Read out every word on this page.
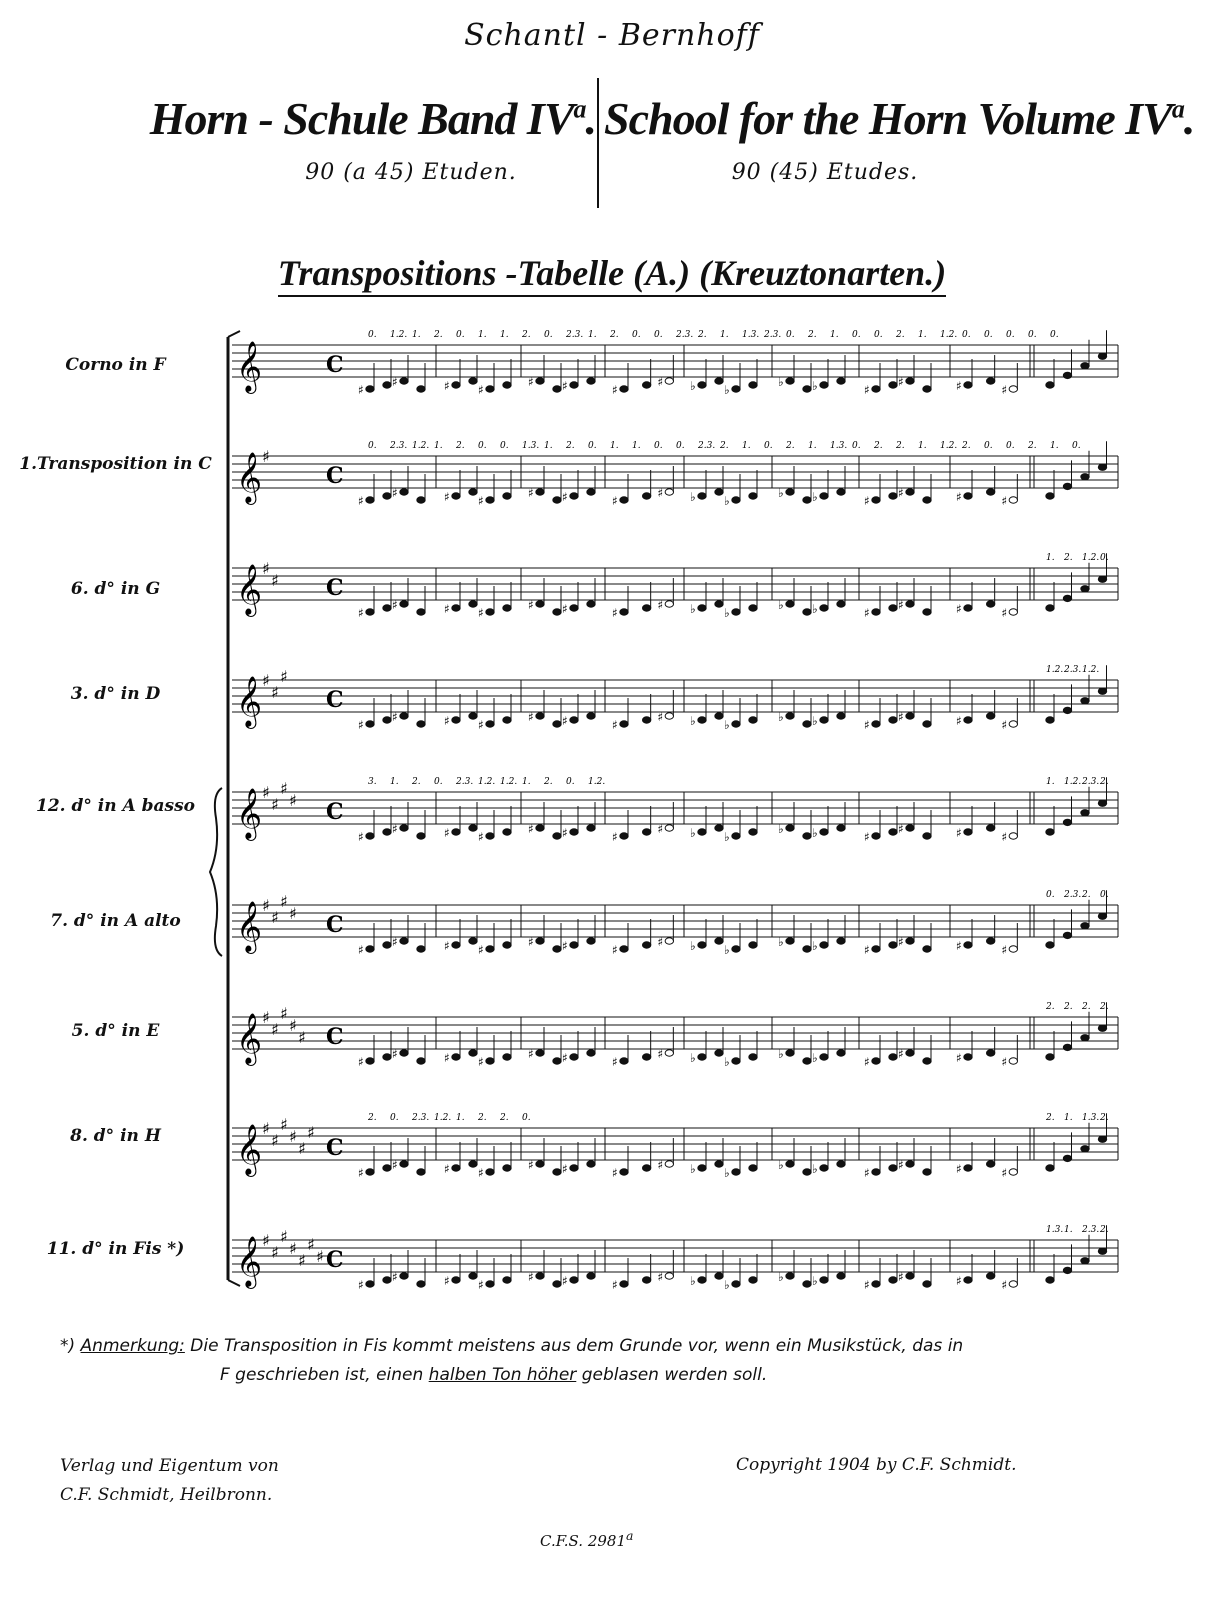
Schantl - Bernhoff
Horn - Schule Band $IV^a$. School for the Horn Volume $IV^a$.
90 (a 45) Etuden.	90 (45) Etudes.
Transpositions -Tabelle (A.) (Kreuztonarten.)
Corno in F
1.Transposition in C
6. d° in G
3. d° in D
12. d° in A basso
7. d° in A alto
5. d° in E
8. d° in H
11. d° in Fis *)
𝄞	C
♯
♯	♯ ♯
♯ ♯	♯
♯ ♭ ♭
♭ ♭	♯
♯	♯	♯
0. 1.2. 1. 2. 0. 1. 1. 2. 0. 2.3. 1. 2. 0. 0. 2.3. 2. 1. 1.3. 2.3. 0. 2. 1. 0. 0. 2. 1. 1.2. 0. 0. 0. 0. 0.
𝄞 ♯
C
♯
♯	♯ ♯
♯ ♯	♯
♯ ♭ ♭
♭ ♭	♯
♯	♯	♯
0. 2.3. 1.2. 1. 2. 0. 0. 1.3. 1. 2. 0. 1. 1. 0. 0. 2.3. 2. 1. 0. 2. 1. 1.3. 0. 2. 2. 1. 1.2. 2. 0. 0. 2. 1. 0.
𝄞 ♯
♯ C
♯
♯	♯ ♯
♯ ♯	♯
♯ ♭ ♭
♭ ♭	♯
♯	♯	♯
1. 2. 1.2. 0.
𝄞 ♯
♯
♯
C
♯
♯	♯ ♯
♯ ♯	♯
♯ ♭ ♭
♭ ♭	♯
♯	♯	♯
1.2. 2.3. 1.2.
𝄞 ♯
♯
♯
♯ C
♯
♯	♯ ♯
♯ ♯	♯
♯ ♭ ♭
♭ ♭	♯
♯	♯	♯
3. 1. 2. 0. 2.3. 1.2. 1.2. 1. 2. 0. 1.2.	1. 1.2. 2.3. 2.
𝄞 ♯
♯
♯
♯ C
♯
♯	♯ ♯
♯ ♯	♯
♯ ♭ ♭
♭ ♭	♯
♯	♯	♯
0. 2.3. 2. 0.
𝄞 ♯
♯
♯
♯
♯ C
♯
♯	♯ ♯
♯ ♯	♯
♯ ♭ ♭
♭ ♭	♯
♯	♯	♯
2. 2. 2. 2.
𝄞 ♯
♯
♯
♯
♯
♯
C
♯
♯	♯ ♯
♯ ♯	♯
♯ ♭ ♭
♭ ♭	♯
♯	♯	♯
2. 0. 2.3. 1.2. 1. 2. 2. 0.	2. 1. 1.3. 2.
𝄞 ♯
♯
♯
♯
♯
♯
♯ C
♯
♯	♯ ♯
♯ ♯	♯
♯ ♭ ♭
♭ ♭	♯
♯	♯	♯
1.3. 1. 2.3. 2.
*) Anmerkung: Die Transposition in Fis kommt meistens aus dem Grunde vor, wenn ein Musikstück, das in
F geschrieben ist, einen halben Ton höher geblasen werden soll.
Verlag und Eigentum von
C.F. Schmidt, Heilbronn.
Copyright 1904 by C.F. Schmidt.
C.F.S. 2981$^a$
